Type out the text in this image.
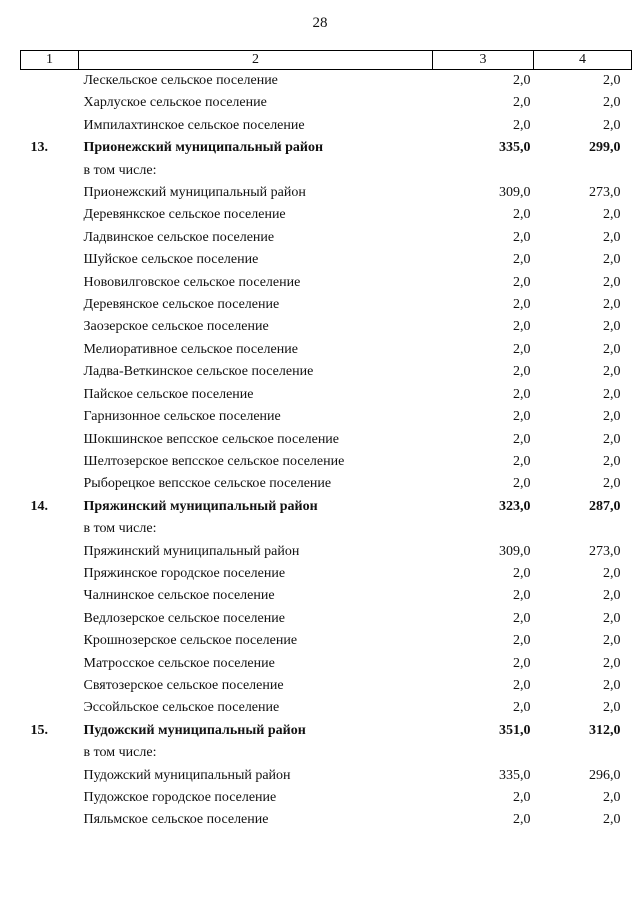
28
1	2	3	4
	Лескельское сельское поселение	2,0	2,0
	Харлуское сельское поселение	2,0	2,0
	Импилахтинское сельское поселение	2,0	2,0
13.	Прионежский муниципальный район	335,0	299,0
	в том числе:		
	Прионежский муниципальный район	309,0	273,0
	Деревянкское сельское поселение	2,0	2,0
	Ладвинское сельское поселение	2,0	2,0
	Шуйское сельское поселение	2,0	2,0
	Нововилговское сельское поселение	2,0	2,0
	Деревянское сельское поселение	2,0	2,0
	Заозерское сельское поселение	2,0	2,0
	Мелиоративное сельское поселение	2,0	2,0
	Ладва-Веткинское сельское поселение	2,0	2,0
	Пайское сельское поселение	2,0	2,0
	Гарнизонное сельское поселение	2,0	2,0
	Шокшинское вепсское сельское поселение	2,0	2,0
	Шелтозерское вепсское сельское поселение	2,0	2,0
	Рыборецкое вепсское сельское поселение	2,0	2,0
14.	Пряжинский муниципальный район	323,0	287,0
	в том числе:		
	Пряжинский муниципальный район	309,0	273,0
	Пряжинское городское поселение	2,0	2,0
	Чалнинское сельское поселение	2,0	2,0
	Ведлозерское сельское поселение	2,0	2,0
	Крошнозерское сельское поселение	2,0	2,0
	Матросское сельское поселение	2,0	2,0
	Святозерское сельское поселение	2,0	2,0
	Эссойльское сельское поселение	2,0	2,0
15.	Пудожский муниципальный район	351,0	312,0
	в том числе:		
	Пудожский муниципальный район	335,0	296,0
	Пудожское городское поселение	2,0	2,0
	Пяльмское сельское поселение	2,0	2,0
